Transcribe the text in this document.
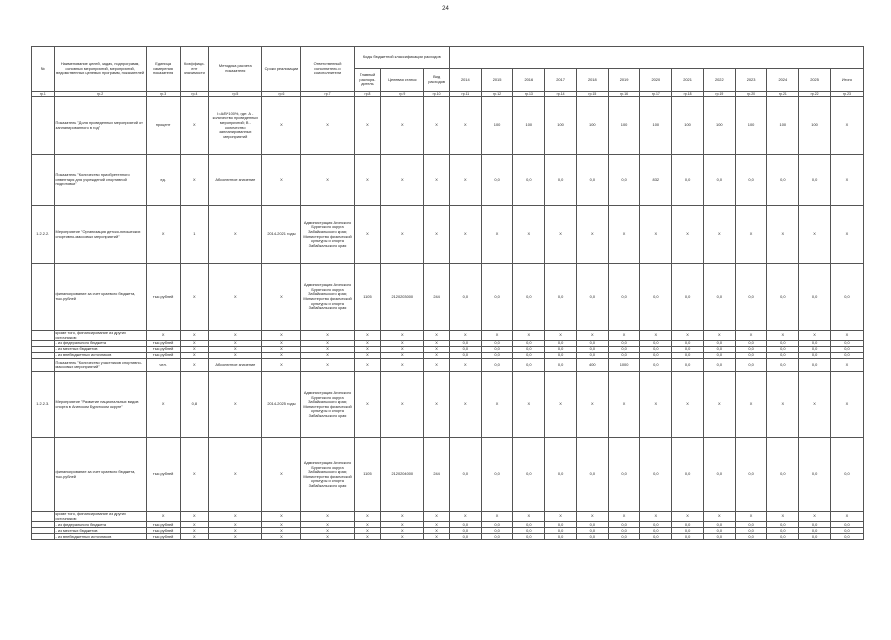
24
№	Наименование целей, задач, подпрограмм, основных мероприятий, мероприятий, ведомственных целевых программ, показателей	Единица измерения показателя	Коэффици-ент значимости	Методика расчета показателя	Сроки реализации	Ответственный исполнитель и соисполнители	Коды бюджетной классификации расходов															
							Главный распоря-дитель	Целевая статья	Вид расходов	2014	2015	2016	2017	2018	2019	2020	2021	2022	2023	2024	2025	Итого
гр.1	гр.2	гр.3	гр.4	гр.5	гр.6	гр.7	гр.8	гр.9	гр.10	гр.11	гр.12	гр.13	гр.14	гр.15	гр.16	гр.17	гр.18	гр.19	гр.20	гр.21	гр.22	гр.23
	Показатель "Доля проведенных мероприятий от запланированного в год"	процент	Х	I=A/B*100%, где: А - количество проведенных мероприятий; В - количество запланированных мероприятий	Х	Х	Х	Х	Х	Х	100	100	100	100	100	100	100	100	100	100	100	Х
	Показатель "Количество приобретенного инвентаря для учреждений спортивной подготовки"	ед.	Х	Абсолютное значение	Х	Х	Х	Х	Х	Х	0,0	0,0	0,0	0,0	0,0	832	0,0	0,0	0,0	0,0	0,0	Х
1.2.2.2.	Мероприятие "Организация детско-юношеских спортивно-массовых мероприятий"	Х	1	Х	2014-2021 годы	Администрация Агинского Бурятского округа Забайкальского края; Министерство физической культуры и спорта Забайкальского края	Х	Х	Х	Х	Х	Х	Х	Х	Х	Х	Х	Х	Х	Х	Х	Х
	финансирование за счет краевого бюджета, тыс.рублей	тыс.рублей	Х	Х	Х	Администрация Агинского Бурятского округа Забайкальского края; Министерство физической культуры и спорта Забайкальского края	1105	2120203000	244	0,0	0,0	0,0	0,0	0,0	0,0	0,0	0,0	0,0	0,0	0,0	0,0	0,0
	кроме того, финансирование из других источников:	Х	Х	Х	Х	Х	Х	Х	Х	Х	Х	Х	Х	Х	Х	Х	Х	Х	Х	Х	Х	Х
	- из федерального бюджета	тыс.рублей	Х	Х	Х	Х	Х	Х	Х	0,0	0,0	0,0	0,0	0,0	0,0	0,0	0,0	0,0	0,0	0,0	0,0	0,0
	- из местных бюджетов	тыс.рублей	Х	Х	Х	Х	Х	Х	Х	0,0	0,0	0,0	0,0	0,0	0,0	0,0	0,0	0,0	0,0	0,0	0,0	0,0
	- из внебюджетных источников	тыс.рублей	Х	Х	Х	Х	Х	Х	Х	0,0	0,0	0,0	0,0	0,0	0,0	0,0	0,0	0,0	0,0	0,0	0,0	0,0
	Показатель "Количество участников спортивно-массовых мероприятий"	чел.	Х	Абсолютное значение	Х	Х	Х	Х	Х	Х	0,0	0,0	0,0	400	1000	0,0	0,0	0,0	0,0	0,0	0,0	Х
1.2.2.3.	Мероприятие "Развитие национальных видов спорта в Агинском Бурятском округе"	Х	0,8	Х	2014-2025 годы	Администрация Агинского Бурятского округа Забайкальского края; Министерство физической культуры и спорта Забайкальского края	Х	Х	Х	Х	Х	Х	Х	Х	Х	Х	Х	Х	Х	Х	Х	Х
	финансирование за счет краевого бюджета, тыс.рублей	тыс.рублей	Х	Х	Х	Администрация Агинского Бурятского округа Забайкальского края; Министерство физической культуры и спорта Забайкальского края	1105	2120204000	244	0,0	0,0	0,0	0,0	0,0	0,0	0,0	0,0	0,0	0,0	0,0	0,0	0,0
	кроме того, финансирование из других источников:	Х	Х	Х	Х	Х	Х	Х	Х	Х	Х	Х	Х	Х	Х	Х	Х	Х	Х	Х	Х	Х
	- из федерального бюджета	тыс.рублей	Х	Х	Х	Х	Х	Х	Х	0,0	0,0	0,0	0,0	0,0	0,0	0,0	0,0	0,0	0,0	0,0	0,0	0,0
	- из местных бюджетов	тыс.рублей	Х	Х	Х	Х	Х	Х	Х	0,0	0,0	0,0	0,0	0,0	0,0	0,0	0,0	0,0	0,0	0,0	0,0	0,0
	- из внебюджетных источников	тыс.рублей	Х	Х	Х	Х	Х	Х	Х	0,0	0,0	0,0	0,0	0,0	0,0	0,0	0,0	0,0	0,0	0,0	0,0	0,0
